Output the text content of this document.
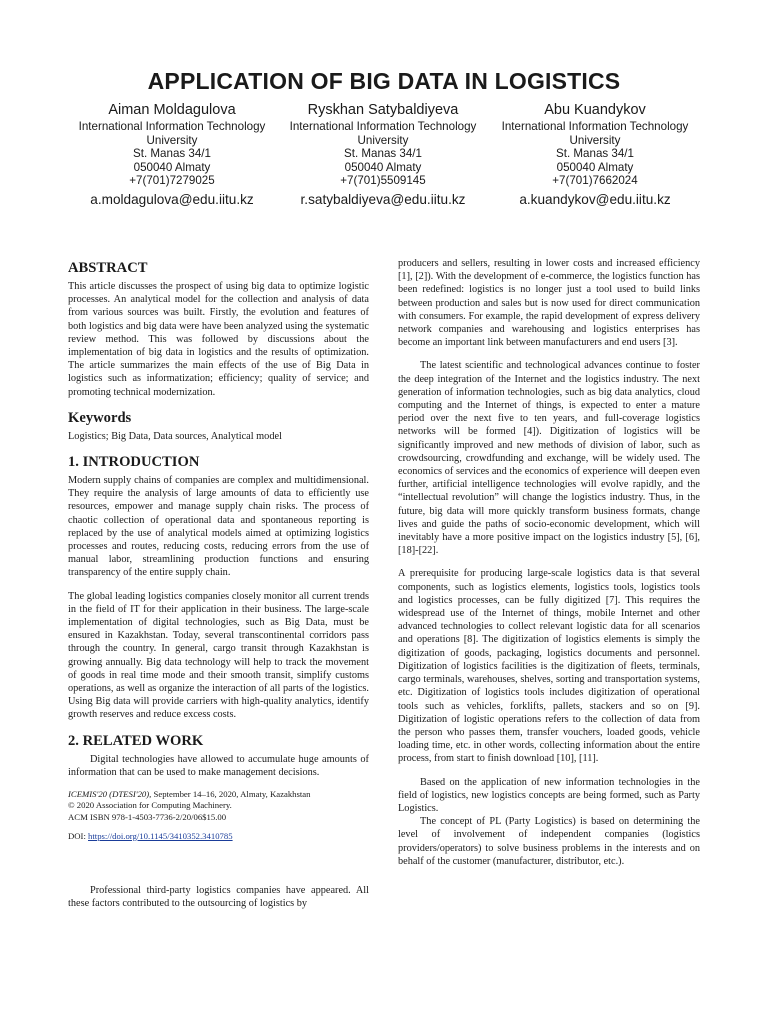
APPLICATION OF BIG DATA IN LOGISTICS
Aiman Moldagulova
International Information Technology
University
St. Manas 34/1
050040 Almaty
+7(701)7279025
a.moldagulova@edu.iitu.kz
Ryskhan Satybaldiyeva
International Information Technology
University
St. Manas 34/1
050040 Almaty
+7(701)5509145
r.satybaldiyeva@edu.iitu.kz
Abu Kuandykov
International Information Technology
University
St. Manas 34/1
050040 Almaty
+7(701)7662024
a.kuandykov@edu.iitu.kz
ABSTRACT

This article discusses the prospect of using big data to optimize logistic processes. An analytical model for the collection and analysis of data from various sources was built. Firstly, the evolution and features of both logistics and big data were have been analyzed using the systematic review method. This was followed by discussions about the implementation of big data in logistics and the results of optimization. The article summarizes the main effects of the use of Big Data in logistics such as informatization; efficiency; quality of service; and promoting technical modernization.

Keywords

Logistics; Big Data, Data sources, Analytical model

1. INTRODUCTION

Modern supply chains of companies are complex and multidimensional. They require the analysis of large amounts of data to efficiently use resources, empower and manage supply chain risks. The process of chaotic collection of operational data and spontaneous reporting is replaced by the use of analytical models aimed at optimizing logistics processes and routes, reducing costs, reducing errors from the use of manual labor, streamlining production functions and ensuring transparency of the entire supply chain.

The global leading logistics companies closely monitor all current trends in the field of IT for their application in their business. The large-scale implementation of digital technologies, such as Big Data, must be ensured in Kazakhstan. Today, several transcontinental corridors pass through the country. In general, cargo transit through Kazakhstan is growing annually. Big data technology will help to track the movement of goods in real time mode and their smooth transit, simplify customs operations, as well as organize the interaction of all parts of the logistics. Using Big data will provide carriers with high-quality analytics, identify growth reserves and reduce excess costs.

2. RELATED WORK

Digital technologies have allowed to accumulate huge amounts of information that can be used to make management decisions.

ICEMIS'20 (DTESI'20), September 14–16, 2020, Almaty, Kazakhstan
© 2020 Association for Computing Machinery.
ACM ISBN 978-1-4503-7736-2/20/06$15.00
DOI: https://doi.org/10.1145/3410352.3410785

Professional third-party logistics companies have appeared. All these factors contributed to the outsourcing of logistics by

producers and sellers, resulting in lower costs and increased efficiency [1], [2]). With the development of e-commerce, the logistics function has been redefined: logistics is no longer just a tool used to build links between production and sales but is now used for direct communication with consumers. For example, the rapid development of express delivery network companies and warehousing and logistics enterprises has become an important link between manufacturers and end users [3].

The latest scientific and technological advances continue to foster the deep integration of the Internet and the logistics industry. The next generation of information technologies, such as big data analytics, cloud computing and the Internet of things, is expected to enter a mature period over the next five to ten years, and full-coverage logistics networks will be formed [4]). Digitization of logistics will be significantly improved and new methods of division of labor, such as crowdsourcing, crowdfunding and exchange, will be widely used. The economics of services and the economics of experience will deepen even further, artificial intelligence technologies will evolve rapidly, and the “intellectual revolution” will change the logistics industry. Thus, in the future, big data will more quickly transform business formats, change lives and guide the paths of socio-economic development, which will inevitably have a more positive impact on the logistics industry [5], [6],[18]-[22].

A prerequisite for producing large-scale logistics data is that several components, such as logistics elements, logistics tools, logistics tools and logistics processes, can be fully digitized [7]. This requires the widespread use of the Internet of things, mobile Internet and other advanced technologies to collect relevant logistic data for all scenarios and operations [8]. The digitization of logistics elements is simply the digitization of goods, packaging, logistics documents and personnel. Digitization of logistics facilities is the digitization of fleets, terminals, cargo terminals, warehouses, shelves, sorting and transportation systems, etc. Digitization of logistics tools includes digitization of operational tools such as vehicles, forklifts, pallets, stackers and so on [9]. Digitization of logistic operations refers to the collection of data from the person who passes them, transfer vouchers, loaded goods, vehicle loading time, etc. in other words, collecting information about the entire process, from start to finish download [10], [11].

Based on the application of new information technologies in the field of logistics, new logistics concepts are being formed, such as Party Logistics.

The concept of PL (Party Logistics) is based on determining the level of involvement of independent companies (logistics providers/operators) to solve business problems in the interests and on behalf of the customer (manufacturer, distributor, etc.).
